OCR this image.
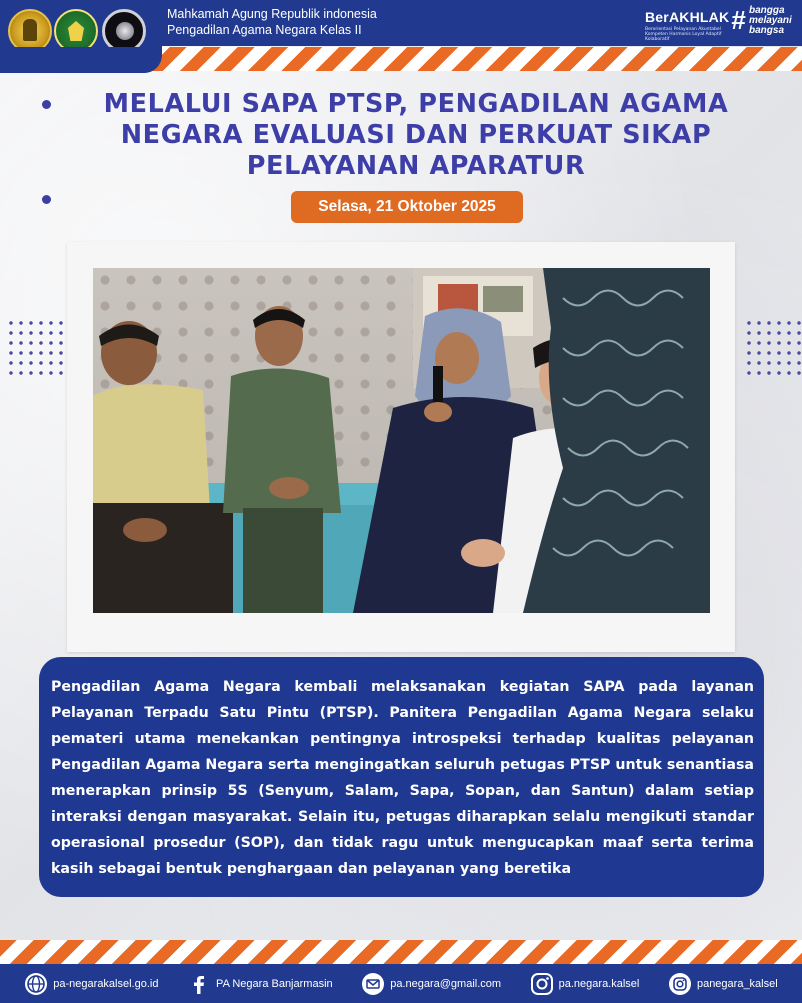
Mahkamah Agung Republik indonesia
Pengadilan Agama Negara Kelas II
BerAKHLAK
Berorientasi Pelayanan Akuntabel Kompeten Harmonis Loyal Adaptif Kolaboratif
# bangga
melayani
bangsa
MELALUI SAPA PTSP, PENGADILAN AGAMA
NEGARA EVALUASI DAN PERKUAT SIKAP
PELAYANAN APARATUR
Selasa, 21 Oktober 2025

Pengadilan Agama Negara kembali melaksanakan kegiatan SAPA pada layanan Pelayanan Terpadu Satu Pintu (PTSP). Panitera Pengadilan Agama Negara selaku pemateri utama menekankan pentingnya introspeksi terhadap kualitas pelayanan Pengadilan Agama Negara serta mengingatkan seluruh petugas PTSP untuk senantiasa menerapkan prinsip 5S (Senyum, Salam, Sapa, Sopan, dan Santun) dalam setiap interaksi dengan masyarakat. Selain itu, petugas diharapkan selalu mengikuti standar operasional prosedur (SOP), dan tidak ragu untuk mengucapkan maaf serta terima kasih sebagai bentuk penghargaan dan pelayanan yang beretika

pa-negarakalsel.go.id	PA Negara Banjarmasin	pa.negara@gmail.com	pa.negara.kalsel	panegara_kalsel
